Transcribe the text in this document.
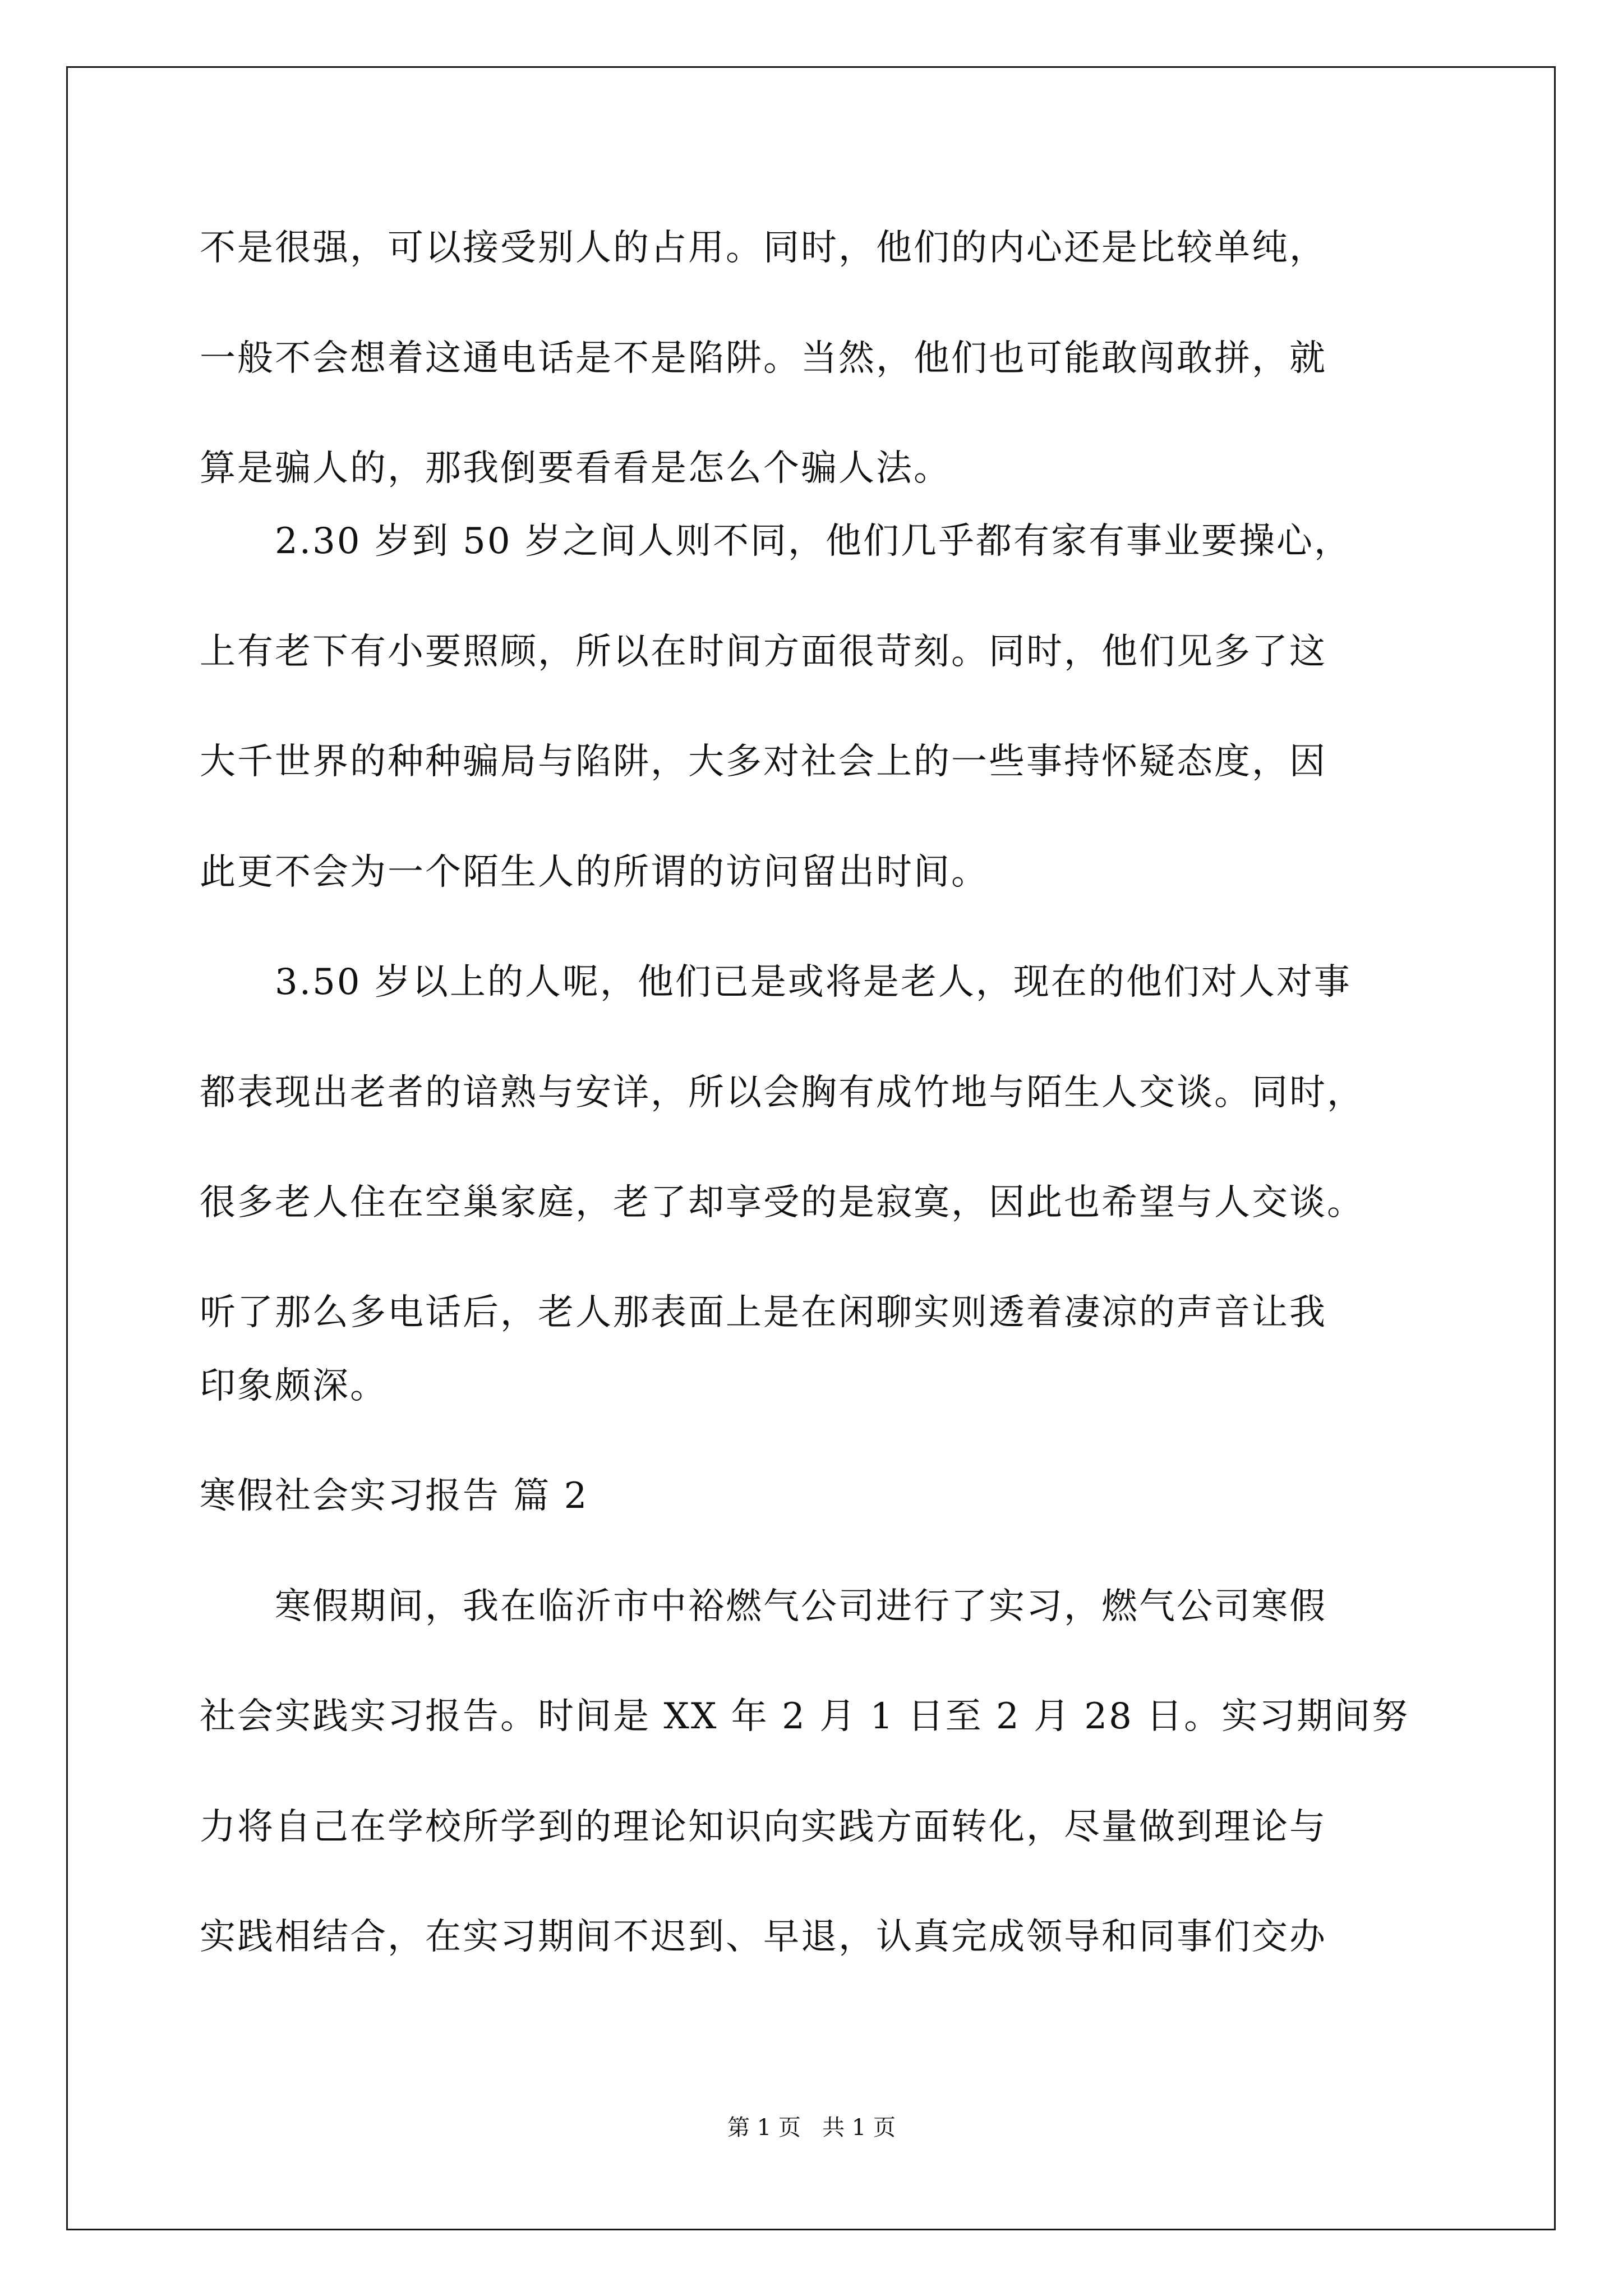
不是很强，可以接受别人的占用。同时，他们的内心还是比较单纯，
一般不会想着这通电话是不是陷阱。当然，他们也可能敢闯敢拼，就
算是骗人的，那我倒要看看是怎么个骗人法。
2.30 岁到 50 岁之间人则不同，他们几乎都有家有事业要操心，
上有老下有小要照顾，所以在时间方面很苛刻。同时，他们见多了这
大千世界的种种骗局与陷阱，大多对社会上的一些事持怀疑态度，因
此更不会为一个陌生人的所谓的访问留出时间。
3.50 岁以上的人呢，他们已是或将是老人，现在的他们对人对事
都表现出老者的谙熟与安详，所以会胸有成竹地与陌生人交谈。同时，
很多老人住在空巢家庭，老了却享受的是寂寞，因此也希望与人交谈。
听了那么多电话后，老人那表面上是在闲聊实则透着凄凉的声音让我
印象颇深。
寒假社会实习报告 篇 2
寒假期间，我在临沂市中裕燃气公司进行了实习，燃气公司寒假
社会实践实习报告。时间是 XX 年 2 月 1 日至 2 月 28 日。实习期间努
力将自己在学校所学到的理论知识向实践方面转化，尽量做到理论与
实践相结合，在实习期间不迟到、早退，认真完成领导和同事们交办
第 1 页   共 1 页
